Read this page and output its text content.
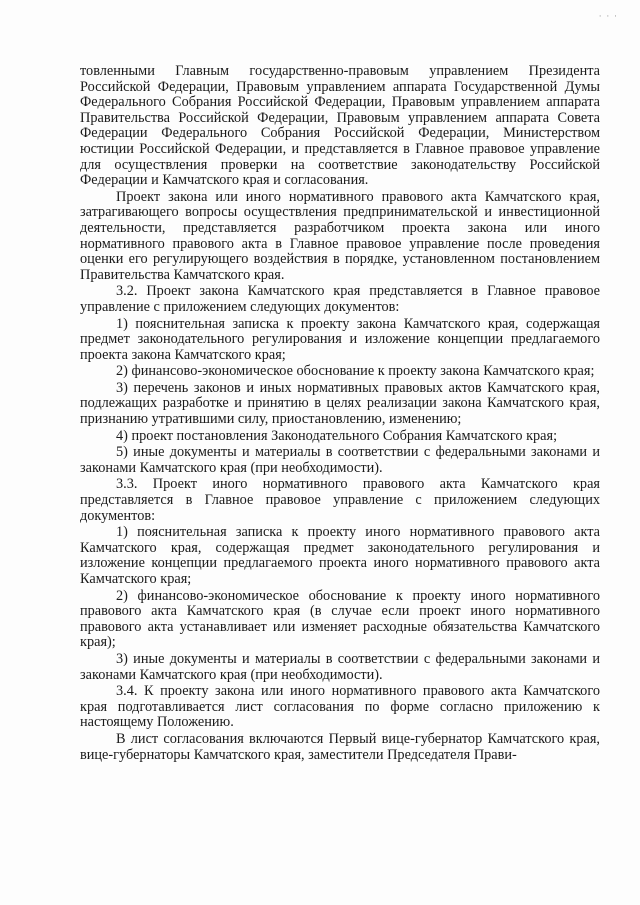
· · ·

товленными Главным государственно-правовым управлением Президента Российской Федерации, Правовым управлением аппарата Государственной Думы Федерального Собрания Российской Федерации, Правовым управлением аппарата Правительства Российской Федерации, Правовым управлением аппарата Совета Федерации Федерального Собрания Российской Федерации, Министерством юстиции Российской Федерации, и представляется в Главное правовое управление для осуществления проверки на соответствие законодательству Российской Федерации и Камчатского края и согласования.

Проект закона или иного нормативного правового акта Камчатского края, затрагивающего вопросы осуществления предпринимательской и инвестиционной деятельности, представляется разработчиком проекта закона или иного нормативного правового акта в Главное правовое управление после проведения оценки его регулирующего воздействия в порядке, установленном постановлением Правительства Камчатского края.

3.2. Проект закона Камчатского края представляется в Главное правовое управление с приложением следующих документов:

1) пояснительная записка к проекту закона Камчатского края, содержащая предмет законодательного регулирования и изложение концепции предлагаемого проекта закона Камчатского края;

2) финансово-экономическое обоснование к проекту закона Камчатского края;

3) перечень законов и иных нормативных правовых актов Камчатского края, подлежащих разработке и принятию в целях реализации закона Камчатского края, признанию утратившими силу, приостановлению, изменению;

4) проект постановления Законодательного Собрания Камчатского края;

5) иные документы и материалы в соответствии с федеральными законами и законами Камчатского края (при необходимости).

3.3. Проект иного нормативного правового акта Камчатского края представляется в Главное правовое управление с приложением следующих документов:

1) пояснительная записка к проекту иного нормативного правового акта Камчатского края, содержащая предмет законодательного регулирования и изложение концепции предлагаемого проекта иного нормативного правового акта Камчатского края;

2) финансово-экономическое обоснование к проекту иного нормативного правового акта Камчатского края (в случае если проект иного нормативного правового акта устанавливает или изменяет расходные обязательства Камчатского края);

3) иные документы и материалы в соответствии с федеральными законами и законами Камчатского края (при необходимости).

3.4. К проекту закона или иного нормативного правового акта Камчатского края подготавливается лист согласования по форме согласно приложению к настоящему Положению.

В лист согласования включаются Первый вице-губернатор Камчатского края, вице-губернаторы Камчатского края, заместители Председателя Прави-
